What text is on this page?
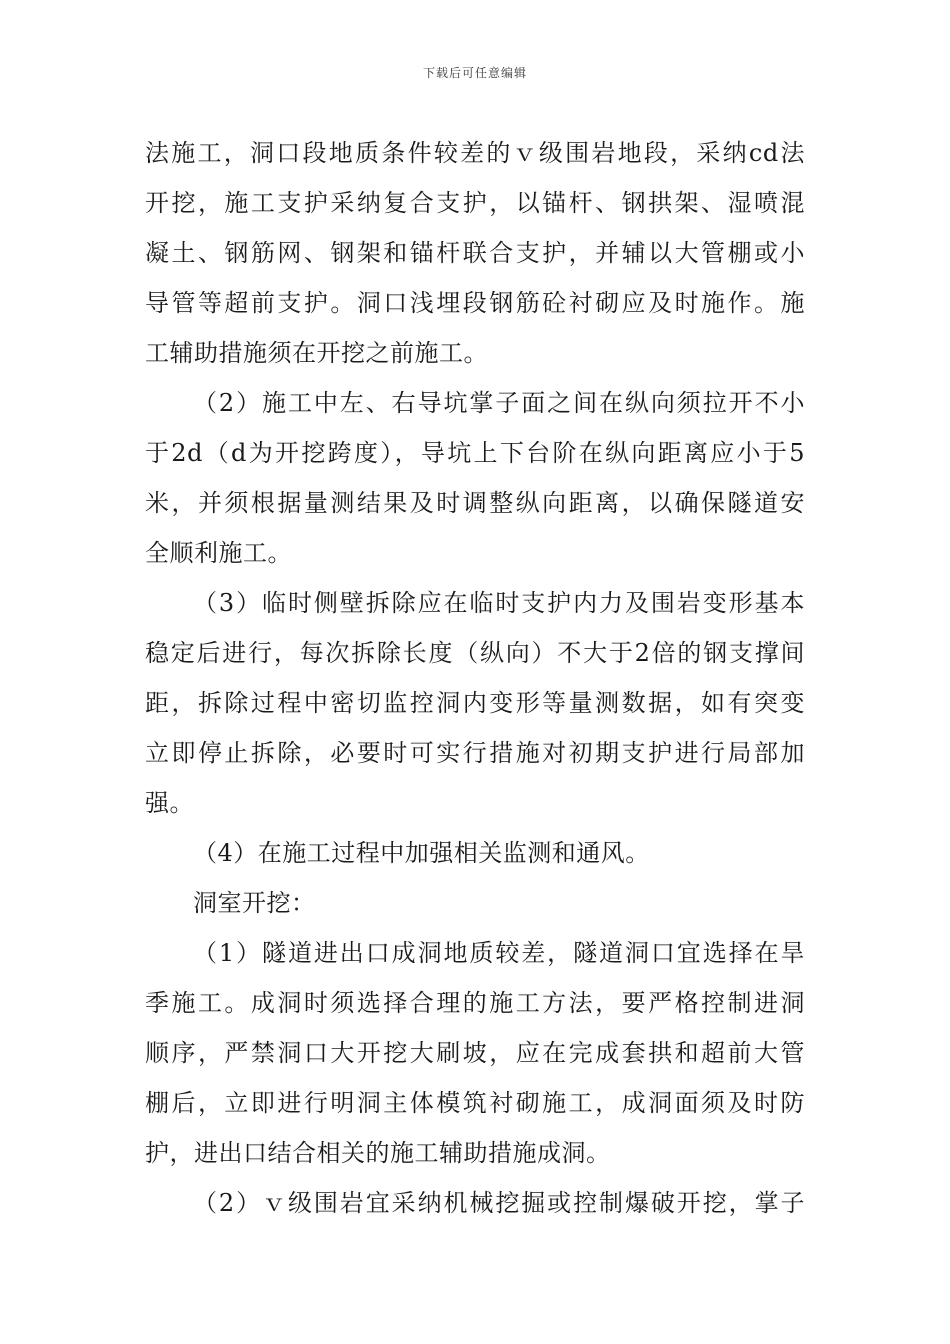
下载后可任意编辑
法施工，洞口段地质条件较差的ｖ级围岩地段，采纳cd法
开挖，施工支护采纳复合支护，以锚杆、钢拱架、湿喷混
凝土、钢筋网、钢架和锚杆联合支护，并辅以大管棚或小
导管等超前支护。洞口浅埋段钢筋砼衬砌应及时施作。施
工辅助措施须在开挖之前施工。
（2）施工中左、右导坑掌子面之间在纵向须拉开不小
于2d（d为开挖跨度），导坑上下台阶在纵向距离应小于5
米，并须根据量测结果及时调整纵向距离，以确保隧道安
全顺利施工。
（3）临时侧壁拆除应在临时支护内力及围岩变形基本
稳定后进行，每次拆除长度（纵向）不大于2倍的钢支撑间
距，拆除过程中密切监控洞内变形等量测数据，如有突变
立即停止拆除，必要时可实行措施对初期支护进行局部加
强。
（4）在施工过程中加强相关监测和通风。
洞室开挖：
（1）隧道进出口成洞地质较差，隧道洞口宜选择在旱
季施工。成洞时须选择合理的施工方法，要严格控制进洞
顺序，严禁洞口大开挖大刷坡，应在完成套拱和超前大管
棚后，立即进行明洞主体模筑衬砌施工，成洞面须及时防
护，进出口结合相关的施工辅助措施成洞。
（2）ｖ级围岩宜采纳机械挖掘或控制爆破开挖，掌子
